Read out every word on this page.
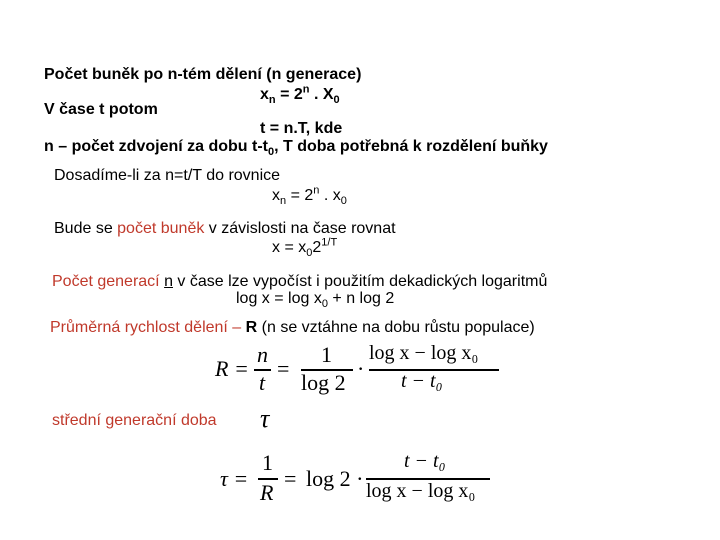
Počet buněk po n-tém dělení (n generace)
$x_n = 2^n$ . $X_0$
V čase t potom
t = n.T, kde
n – počet zdvojení za dobu $t-t_0$, T doba potřebná k rozdělení buňky
Dosadíme-li za n=t/T do rovnice
$x_n = 2^n$ . $x_0$
Bude se počet buněk v závislosti na čase rovnat
$x = x_02^{1/T}$
Počet generací n v čase lze vypočíst i použitím dekadických logaritmů
$\log x = \log x_0 + n$ log 2
Průměrná rychlost dělení – R (n se vztáhne na dobu růstu populace)
R =
n
t
=
1
log 2
·
log x − log x₀
t − t₀
střední generační doba τ
τ =
1
R
= log 2 ·
t − t₀
log x − log x₀
